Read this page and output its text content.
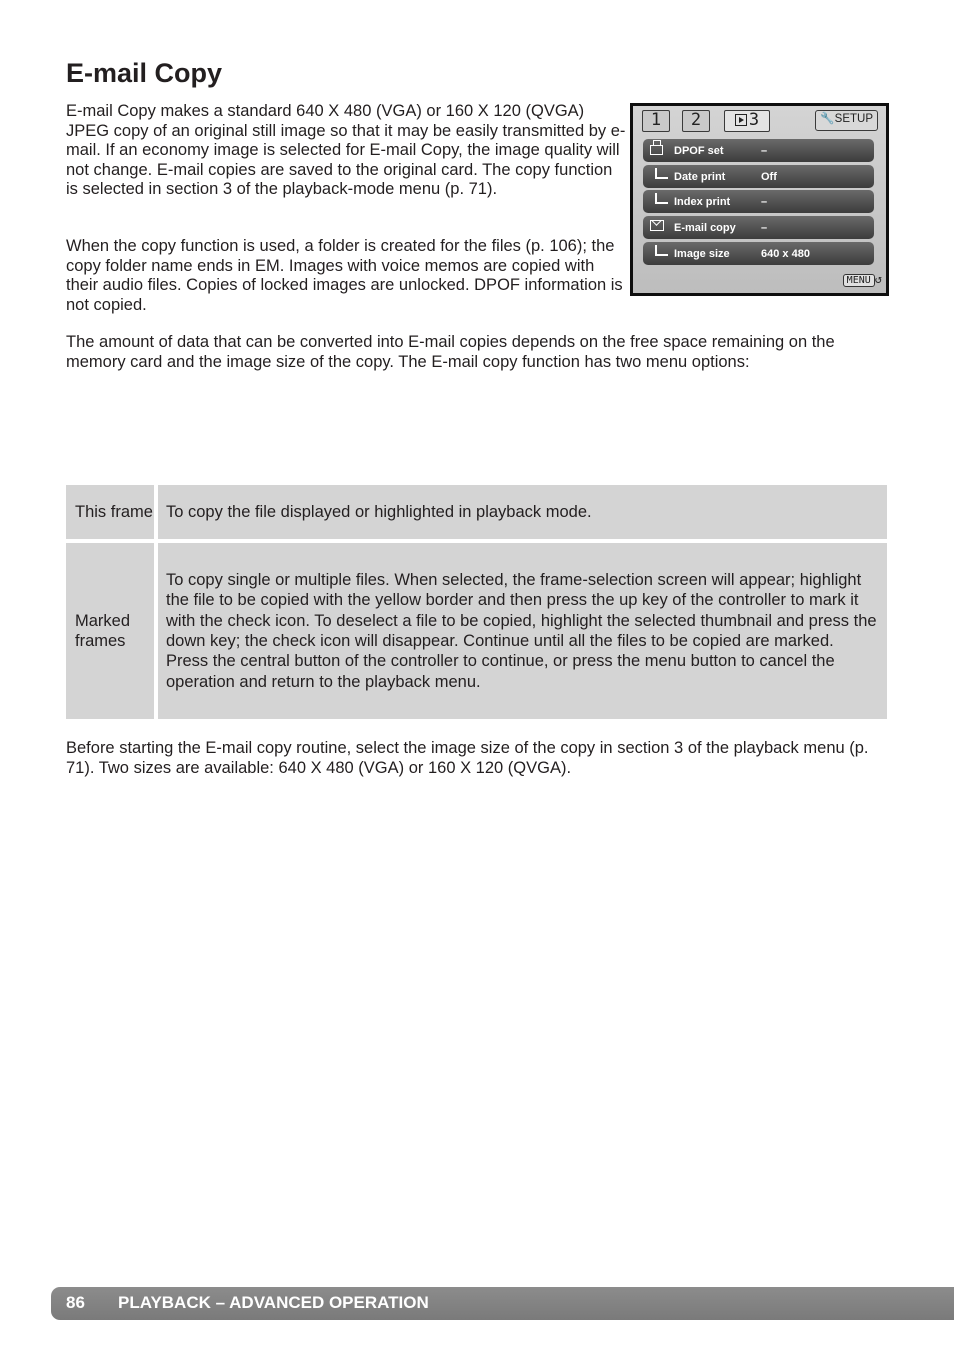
E-mail Copy

E-mail Copy makes a standard 640 X 480 (VGA) or 160 X 120 (QVGA) JPEG copy of an original still image so that it may be easily transmitted by e-mail. If an economy image is selected for E-mail Copy, the image quality will not change. E-mail copies are saved to the original card. The copy function is selected in section 3 of the playback-mode menu (p. 71).

When the copy function is used, a folder is created for the files (p. 106); the copy folder name ends in EM. Images with voice memos are copied with their audio files. Copies of locked images are unlocked. DPOF information is not copied.

1	2	3	🔧SETUP
DPOF set	–
Date print	Off
Index print	–
E-mail copy –
Image size	640 x 480
MENU ↺

The amount of data that can be converted into E-mail copies depends on the free space remaining on the memory card and the image size of the copy. The E-mail copy function has two menu options:

This frame	To copy the file displayed or highlighted in playback mode.
Marked frames	To copy single or multiple files. When selected, the frame-selection screen will appear; highlight the file to be copied with the yellow border and then press the up key of the controller to mark it with the check icon. To deselect a file to be copied, highlight the selected thumbnail and press the down key; the check icon will disappear. Continue until all the files to be copied are marked. Press the central button of the controller to continue, or press the menu button to cancel the operation and return to the playback menu.

Before starting the E-mail copy routine, select the image size of the copy in section 3 of the playback menu (p. 71). Two sizes are available: 640 X 480 (VGA) or 160 X 120 (QVGA).

86 PLAYBACK – ADVANCED OPERATION
